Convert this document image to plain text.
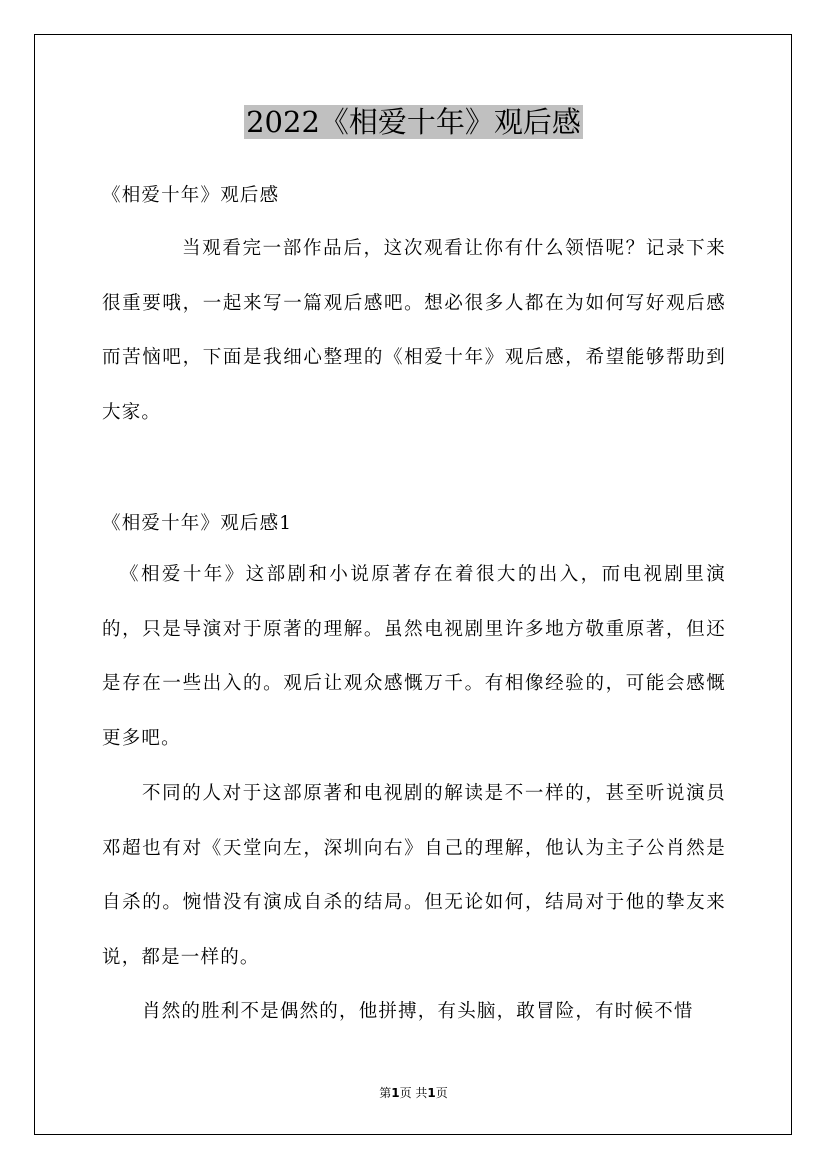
2022《相爱十年》观后感
《相爱十年》观后感

当观看完一部作品后，这次观看让你有什么领悟呢？记录下来很重要哦，一起来写一篇观后感吧。想必很多人都在为如何写好观后感而苦恼吧，下面是我细心整理的《相爱十年》观后感，希望能够帮助到大家。

《相爱十年》观后感1

《相爱十年》这部剧和小说原著存在着很大的出入，而电视剧里演的，只是导演对于原著的理解。虽然电视剧里许多地方敬重原著，但还是存在一些出入的。观后让观众感慨万千。有相像经验的，可能会感慨更多吧。

不同的人对于这部原著和电视剧的解读是不一样的，甚至听说演员邓超也有对《天堂向左，深圳向右》自己的理解，他认为主子公肖然是自杀的。惋惜没有演成自杀的结局。但无论如何，结局对于他的挚友来说，都是一样的。

肖然的胜利不是偶然的，他拼搏，有头脑，敢冒险，有时候不惜

第1页 共1页
